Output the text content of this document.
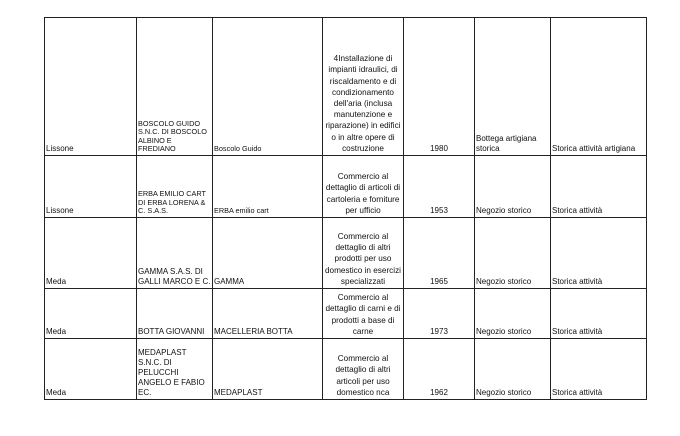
Lissone	BOSCOLO GUIDO S.N.C. DI BOSCOLO ALBINO E FREDIANO	Boscolo Guido	4Installazione di impianti idraulici, di riscaldamento e di condizionamento dell'aria (inclusa manutenzione e riparazione) in edifici o in altre opere di costruzione	1980	Bottega artigiana storica	Storica attività artigiana
Lissone	ERBA EMILIO CART DI ERBA LORENA & C. S.A.S.	ERBA emilio cart	Commercio al dettaglio di articoli di cartoleria e forniture per ufficio	1953	Negozio storico	Storica attività
Meda	GAMMA S.A.S. DI GALLI MARCO E C.	GAMMA	Commercio al dettaglio di altri prodotti per uso domestico in esercizi specializzati	1965	Negozio storico	Storica attività
Meda	BOTTA GIOVANNI	MACELLERIA BOTTA	Commercio al dettaglio di carni e di prodotti a base di carne	1973	Negozio storico	Storica attività
Meda	MEDAPLAST S.N.C. DI PELUCCHI ANGELO E FABIO EC.	MEDAPLAST	Commercio al dettaglio di altri articoli per uso domestico nca	1962	Negozio storico	Storica attività
